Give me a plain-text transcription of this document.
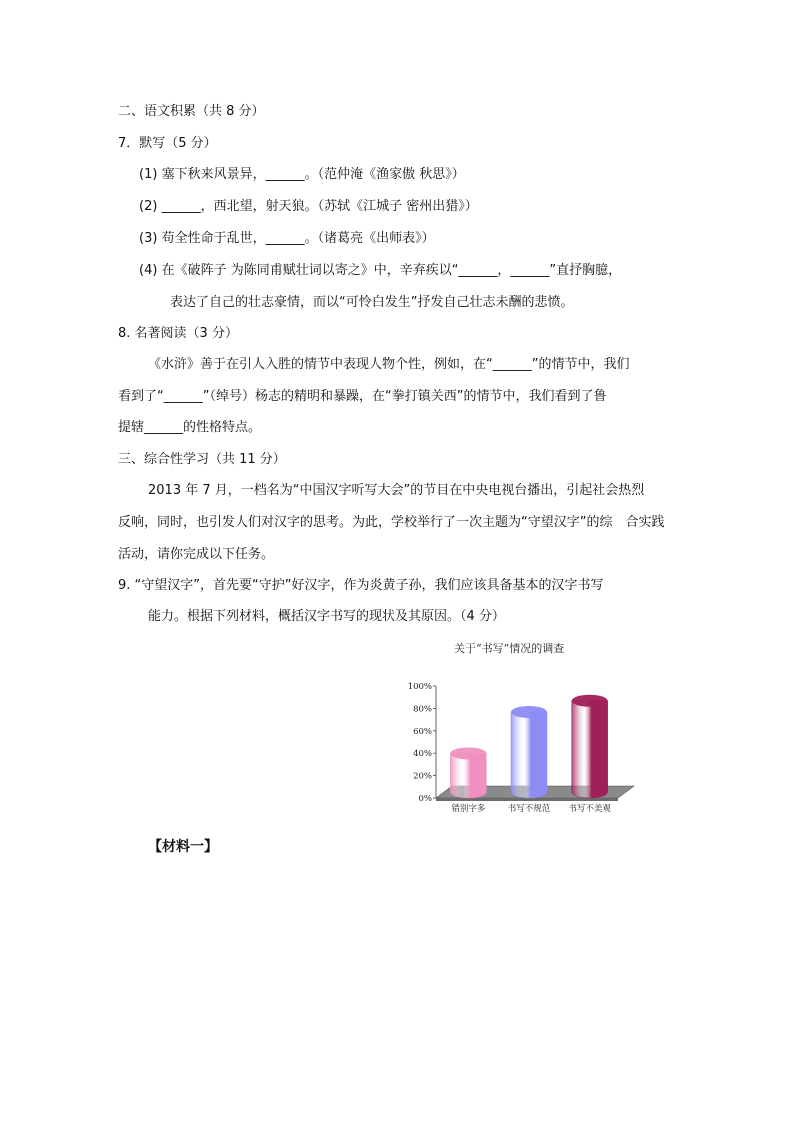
二、语文积累（共 8 分）
7．默写（5 分）
(1) 塞下秋来风景异，______。（范仲淹《渔家傲 秋思》）
(2) ______，西北望，射天狼。（苏轼《江城子 密州出猎》）
(3) 苟全性命于乱世，______。（诸葛亮《出师表》）
(4) 在《破阵子 为陈同甫赋壮词以寄之》中，辛弃疾以“______，______”直抒胸臆，
表达了自己的壮志豪情，而以“可怜白发生”抒发自己壮志未酬的悲愤。
8. 名著阅读（3 分）
《水浒》善于在引人入胜的情节中表现人物个性，例如，在“______”的情节中，我们
看到了“______”（绰号）杨志的精明和暴躁，在“拳打镇关西”的情节中，我们看到了鲁
提辖______的性格特点。
三、综合性学习（共 11 分）
2013 年 7 月，一档名为“中国汉字听写大会”的节目在中央电视台播出，引起社会热烈
反响，同时，也引发人们对汉字的思考。为此，学校举行了一次主题为“守望汉字”的综　合实践
活动，请你完成以下任务。
9. “守望汉字”，首先要“守护”好汉字，作为炎黄子孙，我们应该具备基本的汉字书写
能力。根据下列材料，概括汉字书写的现状及其原因。（4 分）
关于“书写”情况的调查
0%
20%
40%
60%
80%
100%
错别字多	书写不规范 书写不美观
【材料一】
